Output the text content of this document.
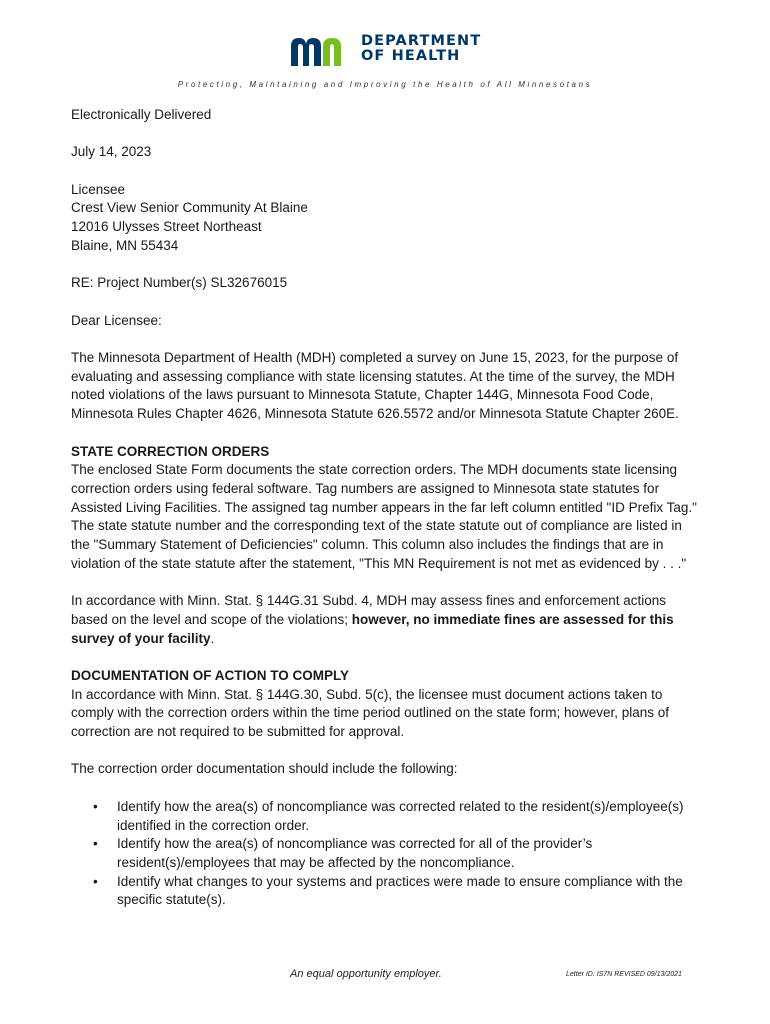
DEPARTMENT
OF HEALTH
Protecting, Maintaining and Improving the Health of All Minnesotans

Electronically Delivered

July 14, 2023

Licensee
Crest View Senior Community At Blaine
12016 Ulysses Street Northeast
Blaine, MN 55434

RE: Project Number(s) SL32676015

Dear Licensee:

The Minnesota Department of Health (MDH) completed a survey on June 15, 2023, for the purpose of evaluating and assessing compliance with state licensing statutes. At the time of the survey, the MDH noted violations of the laws pursuant to Minnesota Statute, Chapter 144G, Minnesota Food Code, Minnesota Rules Chapter 4626, Minnesota Statute 626.5572 and/or Minnesota Statute Chapter 260E.

STATE CORRECTION ORDERS

The enclosed State Form documents the state correction orders. The MDH documents state licensing correction orders using federal software. Tag numbers are assigned to Minnesota state statutes for Assisted Living Facilities. The assigned tag number appears in the far left column entitled "ID Prefix Tag." The state statute number and the corresponding text of the state statute out of compliance are listed in the "Summary Statement of Deficiencies" column. This column also includes the findings that are in violation of the state statute after the statement, "This MN Requirement is not met as evidenced by . . ."

In accordance with Minn. Stat. § 144G.31 Subd. 4, MDH may assess fines and enforcement actions based on the level and scope of the violations; however, no immediate fines are assessed for this survey of your facility.

DOCUMENTATION OF ACTION TO COMPLY

In accordance with Minn. Stat. § 144G.30, Subd. 5(c), the licensee must document actions taken to comply with the correction orders within the time period outlined on the state form; however, plans of correction are not required to be submitted for approval.

The correction order documentation should include the following:

• Identify how the area(s) of noncompliance was corrected related to the resident(s)/employee(s) identified in the correction order.
• Identify how the area(s) of noncompliance was corrected for all of the provider’s resident(s)/employees that may be affected by the noncompliance.
• Identify what changes to your systems and practices were made to ensure compliance with the specific statute(s).
An equal opportunity employer.	Letter ID: IS7N REVISED 09/13/2021
